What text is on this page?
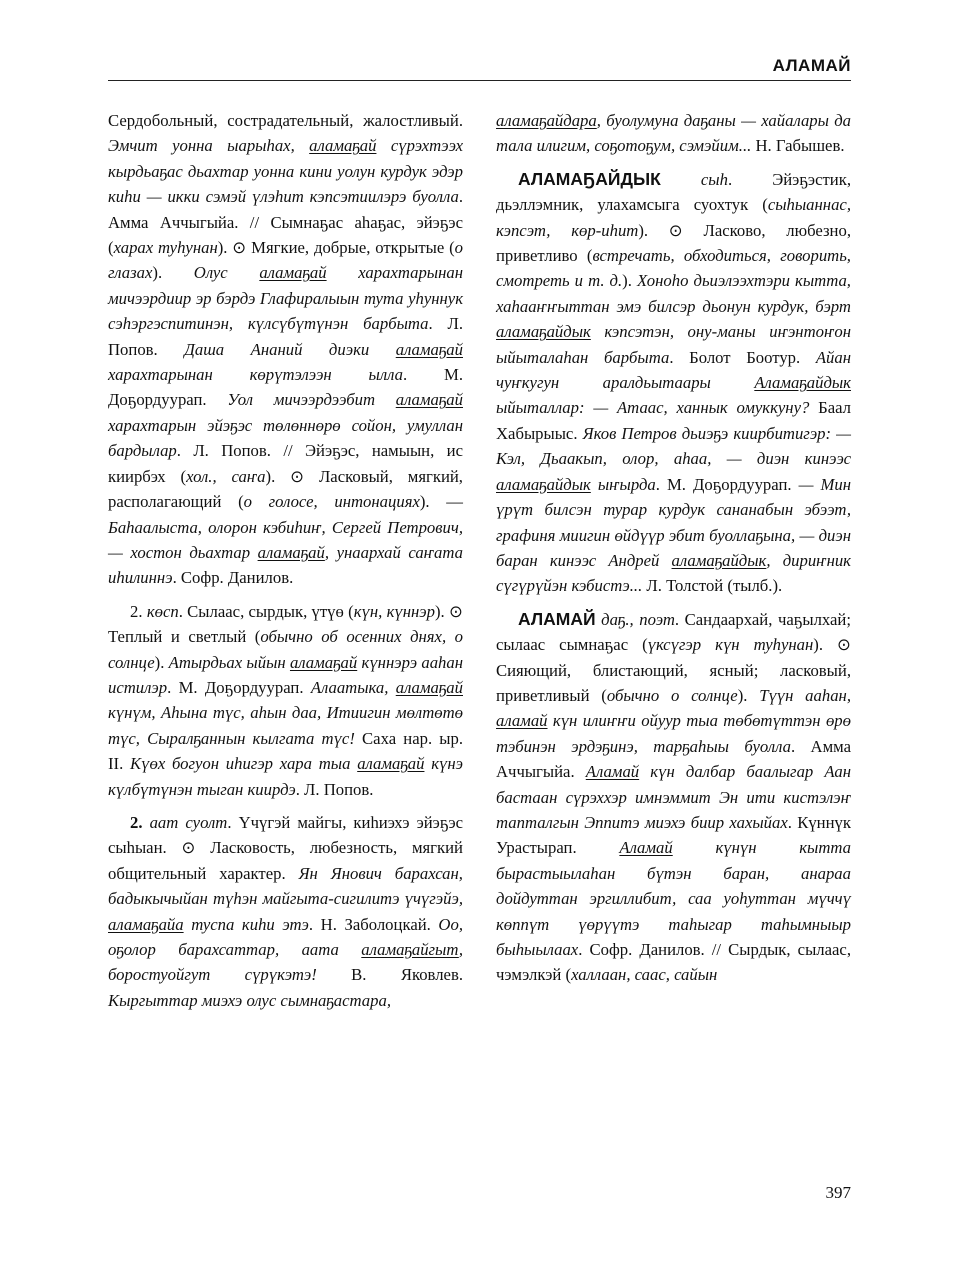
АЛАМАЙ

Сердобольный, сострадательный, жалостливый. Эмчит уонна ыарыһах, аламаҕай сүрэхтээх кырдьаҕас дьахтар уонна кини уолун курдук эдэр киһи — икки сэмэй үлэһит кэпсэтиилэрэ буолла. Амма Аччыгыйа. // Сымнаҕас аһаҕас, эйэҕэс (харах туһунан). ⊙ Мягкие, добрые, открытые (о глазах). Олус аламаҕай харахтарынан мичээрдиир эр бэрдэ Глафиралыын тута уһуннук сэһэргэспитинэн, күлсүбүтүнэн барбыта. Л. Попов. Даша Ананий диэки аламаҕай харахтарынан көрүтэлээн ылла. М. Доҕордуурап. Уол мичээрдээбит аламаҕай харахтарын эйэҕэс төлөннөрө сойон, умуллан бардылар. Л. Попов. // Эйэҕэс, намыын, ис киирбэх (хол., саҥа). ⊙ Ласковый, мягкий, располагающий (о голосе, интонациях). — Баһаалыста, олорон кэбиһиҥ, Сергей Петрович, — хостон дьахтар аламаҕай, унаархай саҥата иһилиннэ. Софр. Данилов.

2. көсп. Сылаас, сырдык, үтүө (күн, күннэр). ⊙ Теплый и светлый (обычно об осенних днях, о солнце). Атырдьах ыйын аламаҕай күннэрэ ааһан истилэр. М. Доҕордуурап. Алаатыка, аламаҕай күнүм, Аһына түс, аһын даа, Итиигин мөлтөтө түс, Сыралҕаннын кылгата түс! Саха нар. ыр. II. Күөх богуон иһигэр хара тыа аламаҕай күнэ күлбүтүнэн тыган киирдэ. Л. Попов.

2. аат суолт. Үчүгэй майгы, киһиэхэ эйэҕэс сыһыан. ⊙ Ласковость, любезность, мягкий общительный характер. Ян Янович барахсан, бадыкычыйан түһэн майгыта-сигилитэ үчүгэйэ, аламаҕайа туспа киһи этэ. Н. Заболоцкай. Оо, оҕолор барахсаттар, аата аламаҕайгыт, боростуойгут сүрүкэтэ! В. Яковлев. Кыргыттар миэхэ олус сымнаҕастара,

аламаҕайдара, буолумуна даҕаны — хайалары да тала илигим, соҕотоҕум, сэмэйим... Н. Габышев.

АЛАМАҔАЙДЫК сыһ. Эйэҕэстик, дьэллэмник, улахамсыга суохтук (сыһыаннас, кэпсэт, көр-иһит). ⊙ Ласково, любезно, приветливо (встречать, обходиться, говорить, смотреть и т. д.). Хоноһо дьиэлээхтэри кытта, хаһааҥҥыттан эмэ билсэр дьонун курдук, бэрт аламаҕайдык кэпсэтэн, ону-маны иҥэнтоҥон ыйыталаһан барбыта. Болот Боотур. Айан чуҥкугун аралдьытаары Аламаҕайдык ыйыталлар: — Атаас, ханнык омуккуну? Баал Хабырыыс. Яков Петров дьиэҕэ киирбитигэр: — Кэл, Дьаакып, олор, аһаа, — диэн кинээс аламаҕайдык ыҥырда. М. Доҕордуурап. — Мин үрүт билсэн турар курдук сананабын эбээт, графиня миигин өйдүүр эбит буоллаҕына, — диэн баран кинээс Андрей аламаҕайдык, дириҥник сүгүрүйэн кэбистэ... Л. Толстой (тылб.).

АЛАМАЙ даҕ., поэт. Сандаархай, чаҕылхай; сылаас сымнаҕас (үксүгэр күн туһунан). ⊙ Сияющий, блистающий, ясный; ласковый, приветливый (обычно о солнце). Түүн ааһан, аламай күн илиҥҥи ойуур тыа төбөтүттэн өрө тэбинэн эрдэҕинэ, тарҕаһыы буолла. Амма Аччыгыйа. Аламай күн далбар баалыгар Аан бастаан сүрэххэр имнэммит Эн ити кистэлэҥ тапталгын Эппитэ миэхэ биир хахыйах. Күннүк Урастырап. Аламай күнүн кытта бырастыылаһан бүтэн баран, анараа дойдуттан эргиллибит, саа уоһуттан мүччү көппүт үөрүүтэ таһыгар таһымныыр быһыылаах. Софр. Данилов. // Сырдык, сылаас, чэмэлкэй (халлаан, саас, сайын

397
